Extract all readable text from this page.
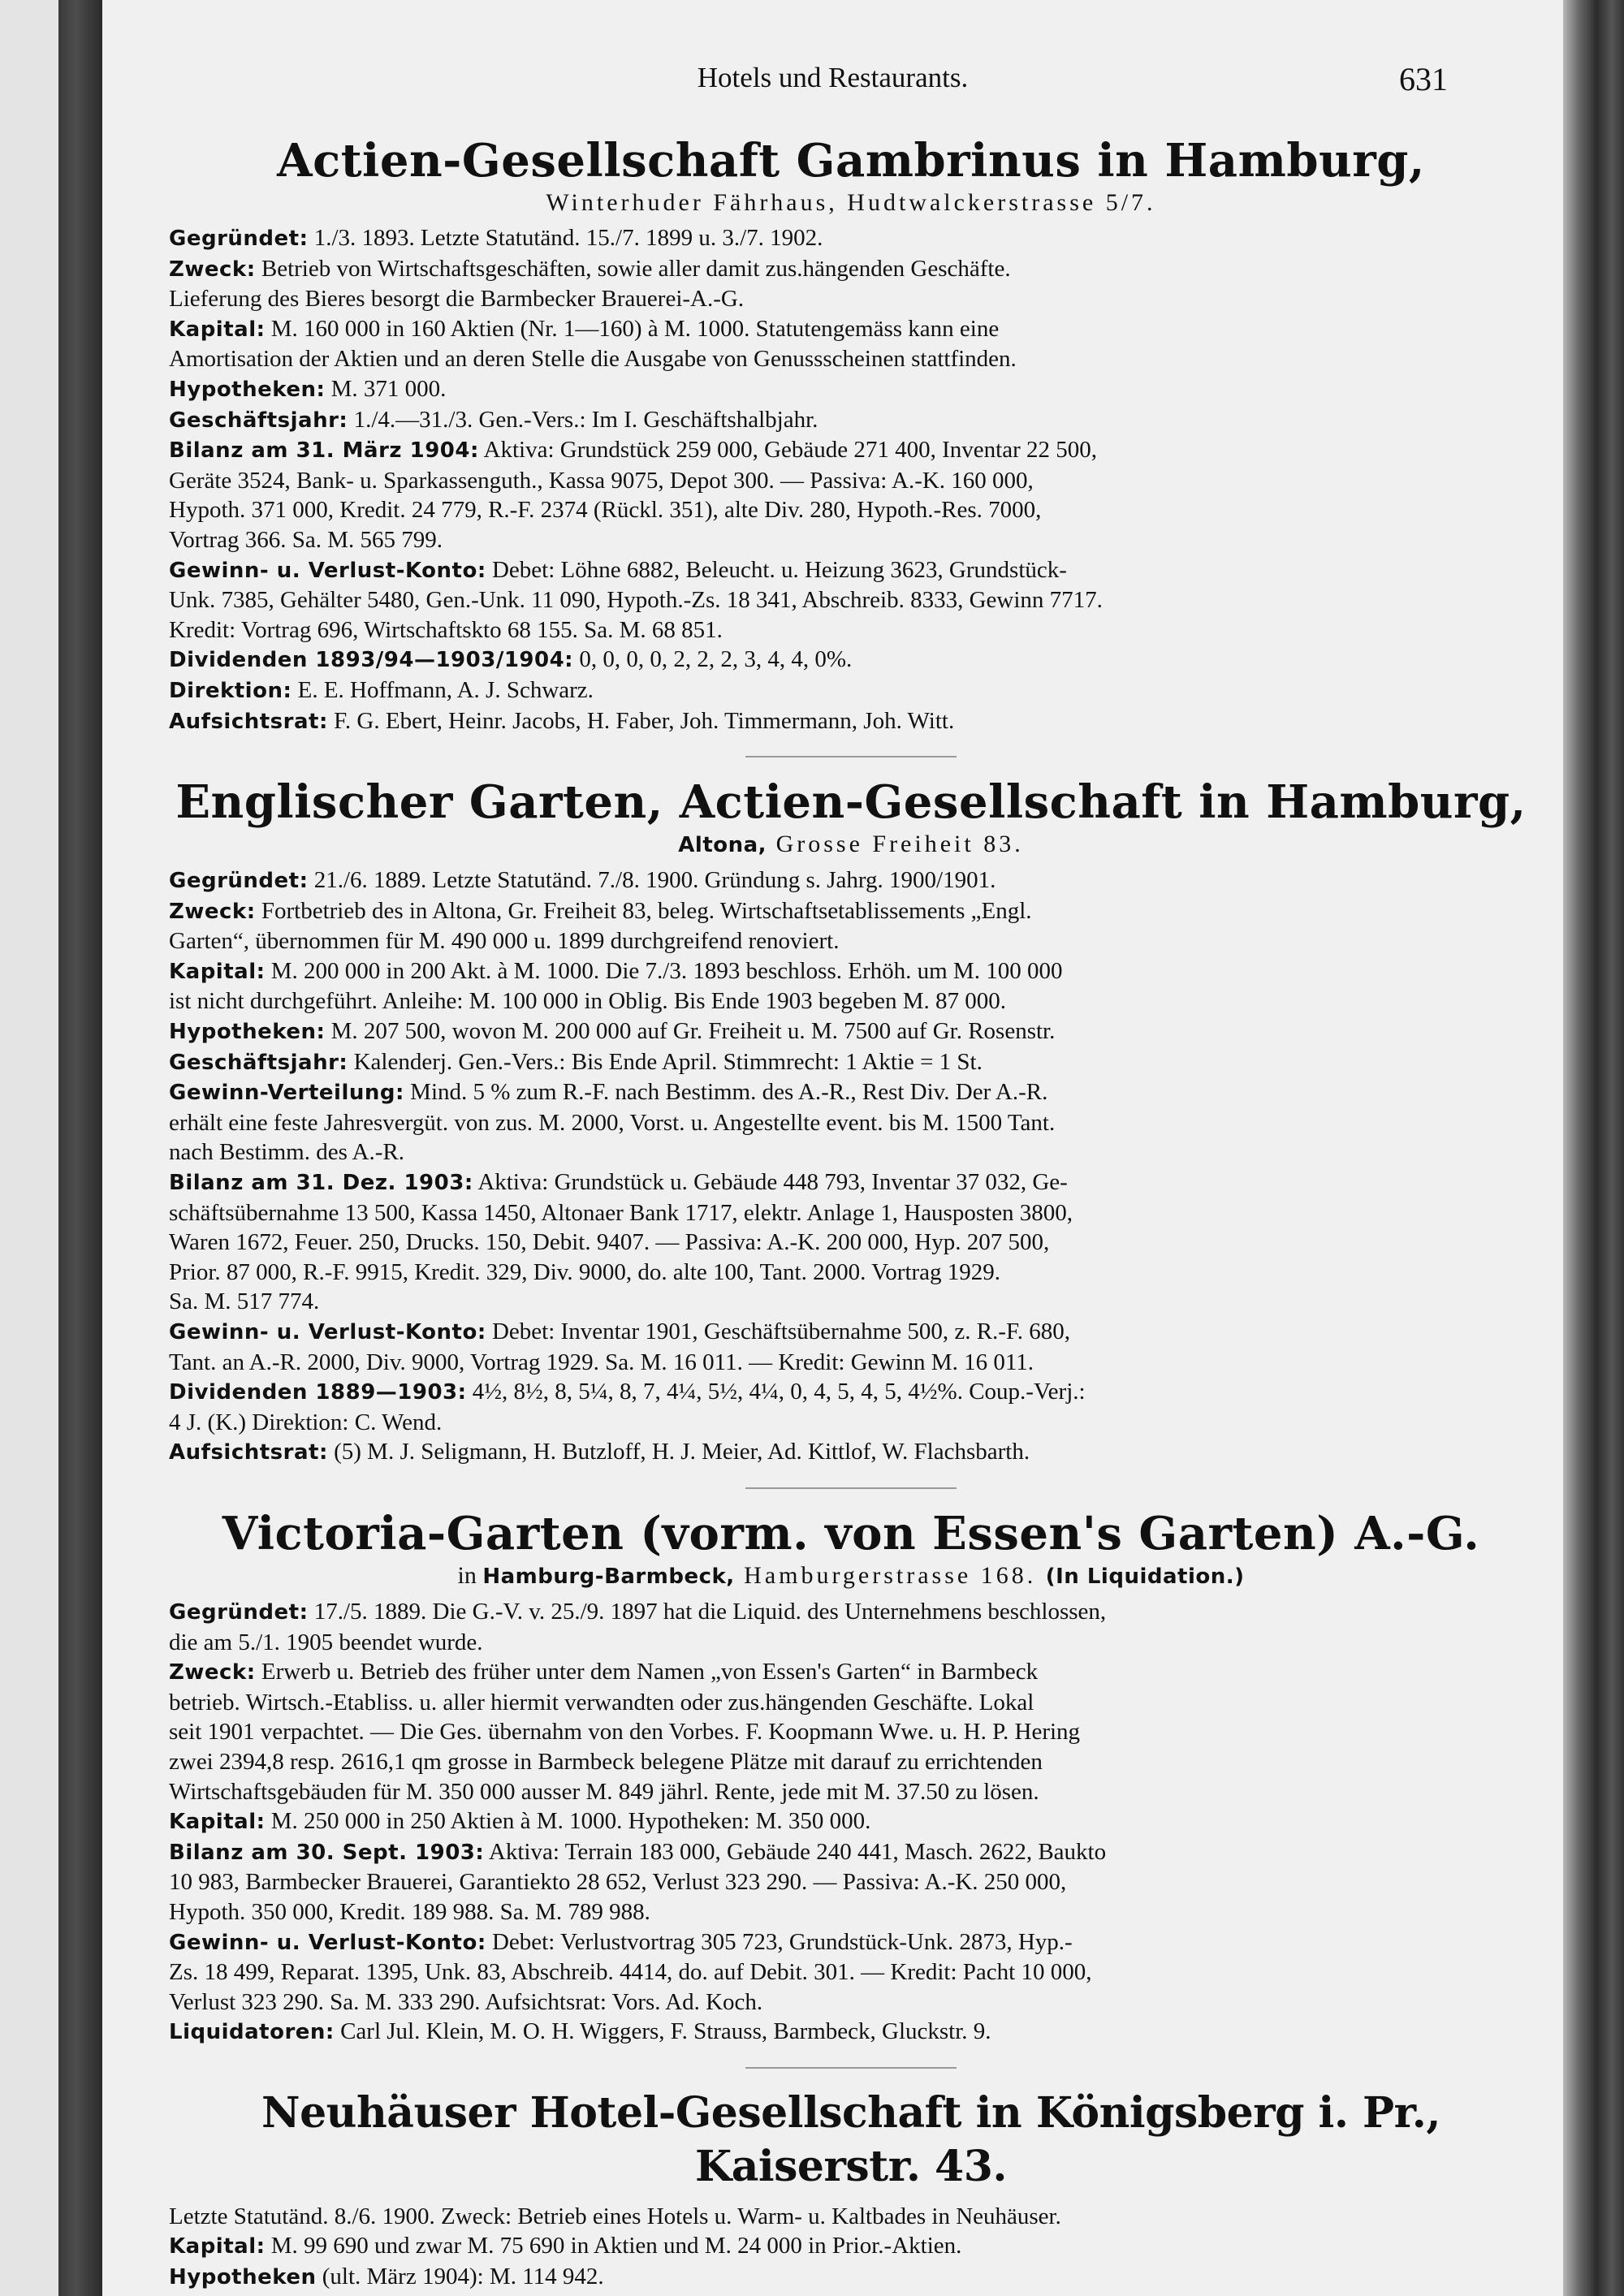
Hotels und Restaurants.	631
Actien-Gesellschaft Gambrinus in Hamburg,

Winterhuder Fährhaus, Hudtwalckerstrasse 5/7.

Gegründet: 1./3. 1893. Letzte Statutänd. 15./7. 1899 u. 3./7. 1902.

Zweck: Betrieb von Wirtschaftsgeschäften, sowie aller damit zus.hängenden Geschäfte.

Lieferung des Bieres besorgt die Barmbecker Brauerei-A.-G.

Kapital: M. 160 000 in 160 Aktien (Nr. 1—160) à M. 1000. Statutengemäss kann eine

Amortisation der Aktien und an deren Stelle die Ausgabe von Genussscheinen stattfinden.

Hypotheken: M. 371 000.

Geschäftsjahr: 1./4.—31./3. Gen.-Vers.: Im I. Geschäftshalbjahr.

Bilanz am 31. März 1904: Aktiva: Grundstück 259 000, Gebäude 271 400, Inventar 22 500,

Geräte 3524, Bank- u. Sparkassenguth., Kassa 9075, Depot 300. — Passiva: A.-K. 160 000,

Hypoth. 371 000, Kredit. 24 779, R.-F. 2374 (Rückl. 351), alte Div. 280, Hypoth.-Res. 7000,

Vortrag 366. Sa. M. 565 799.

Gewinn- u. Verlust-Konto: Debet: Löhne 6882, Beleucht. u. Heizung 3623, Grundstück-

Unk. 7385, Gehälter 5480, Gen.-Unk. 11 090, Hypoth.-Zs. 18 341, Abschreib. 8333, Gewinn 7717.

Kredit: Vortrag 696, Wirtschaftskto 68 155. Sa. M. 68 851.

Dividenden 1893/94—1903/1904: 0, 0, 0, 0, 2, 2, 2, 3, 4, 4, 0%.

Direktion: E. E. Hoffmann, A. J. Schwarz.

Aufsichtsrat: F. G. Ebert, Heinr. Jacobs, H. Faber, Joh. Timmermann, Joh. Witt.

Englischer Garten, Actien-Gesellschaft in Hamburg,

Altona, Grosse Freiheit 83.

Gegründet: 21./6. 1889. Letzte Statutänd. 7./8. 1900. Gründung s. Jahrg. 1900/1901.

Zweck: Fortbetrieb des in Altona, Gr. Freiheit 83, beleg. Wirtschaftsetablissements „Engl.

Garten“, übernommen für M. 490 000 u. 1899 durchgreifend renoviert.

Kapital: M. 200 000 in 200 Akt. à M. 1000. Die 7./3. 1893 beschloss. Erhöh. um M. 100 000

ist nicht durchgeführt. Anleihe: M. 100 000 in Oblig. Bis Ende 1903 begeben M. 87 000.

Hypotheken: M. 207 500, wovon M. 200 000 auf Gr. Freiheit u. M. 7500 auf Gr. Rosenstr.

Geschäftsjahr: Kalenderj. Gen.-Vers.: Bis Ende April. Stimmrecht: 1 Aktie = 1 St.

Gewinn-Verteilung: Mind. 5 % zum R.-F. nach Bestimm. des A.-R., Rest Div. Der A.-R.

erhält eine feste Jahresvergüt. von zus. M. 2000, Vorst. u. Angestellte event. bis M. 1500 Tant.

nach Bestimm. des A.-R.

Bilanz am 31. Dez. 1903: Aktiva: Grundstück u. Gebäude 448 793, Inventar 37 032, Ge-

schäftsübernahme 13 500, Kassa 1450, Altonaer Bank 1717, elektr. Anlage 1, Hausposten 3800,

Waren 1672, Feuer. 250, Drucks. 150, Debit. 9407. — Passiva: A.-K. 200 000, Hyp. 207 500,

Prior. 87 000, R.-F. 9915, Kredit. 329, Div. 9000, do. alte 100, Tant. 2000. Vortrag 1929.

Sa. M. 517 774.

Gewinn- u. Verlust-Konto: Debet: Inventar 1901, Geschäftsübernahme 500, z. R.-F. 680,

Tant. an A.-R. 2000, Div. 9000, Vortrag 1929. Sa. M. 16 011. — Kredit: Gewinn M. 16 011.

Dividenden 1889—1903: 4½, 8½, 8, 5¼, 8, 7, 4¼, 5½, 4¼, 0, 4, 5, 4, 5, 4½%. Coup.-Verj.:

4 J. (K.) Direktion: C. Wend.

Aufsichtsrat: (5) M. J. Seligmann, H. Butzloff, H. J. Meier, Ad. Kittlof, W. Flachsbarth.

Victoria-Garten (vorm. von Essen's Garten) A.-G.

in Hamburg-Barmbeck, Hamburgerstrasse 168. (In Liquidation.)

Gegründet: 17./5. 1889. Die G.-V. v. 25./9. 1897 hat die Liquid. des Unternehmens beschlossen,

die am 5./1. 1905 beendet wurde.

Zweck: Erwerb u. Betrieb des früher unter dem Namen „von Essen's Garten“ in Barmbeck

betrieb. Wirtsch.-Etabliss. u. aller hiermit verwandten oder zus.hängenden Geschäfte. Lokal

seit 1901 verpachtet. — Die Ges. übernahm von den Vorbes. F. Koopmann Wwe. u. H. P. Hering

zwei 2394,8 resp. 2616,1 qm grosse in Barmbeck belegene Plätze mit darauf zu errichtenden

Wirtschaftsgebäuden für M. 350 000 ausser M. 849 jährl. Rente, jede mit M. 37.50 zu lösen.

Kapital: M. 250 000 in 250 Aktien à M. 1000. Hypotheken: M. 350 000.

Bilanz am 30. Sept. 1903: Aktiva: Terrain 183 000, Gebäude 240 441, Masch. 2622, Baukto

10 983, Barmbecker Brauerei, Garantiekto 28 652, Verlust 323 290. — Passiva: A.-K. 250 000,

Hypoth. 350 000, Kredit. 189 988. Sa. M. 789 988.

Gewinn- u. Verlust-Konto: Debet: Verlustvortrag 305 723, Grundstück-Unk. 2873, Hyp.-

Zs. 18 499, Reparat. 1395, Unk. 83, Abschreib. 4414, do. auf Debit. 301. — Kredit: Pacht 10 000,

Verlust 323 290. Sa. M. 333 290. Aufsichtsrat: Vors. Ad. Koch.

Liquidatoren: Carl Jul. Klein, M. O. H. Wiggers, F. Strauss, Barmbeck, Gluckstr. 9.

Neuhäuser Hotel-Gesellschaft in Königsberg i. Pr., Kaiserstr. 43.

Letzte Statutänd. 8./6. 1900. Zweck: Betrieb eines Hotels u. Warm- u. Kaltbades in Neuhäuser.

Kapital: M. 99 690 und zwar M. 75 690 in Aktien und M. 24 000 in Prior.-Aktien.

Hypotheken (ult. März 1904): M. 114 942.
